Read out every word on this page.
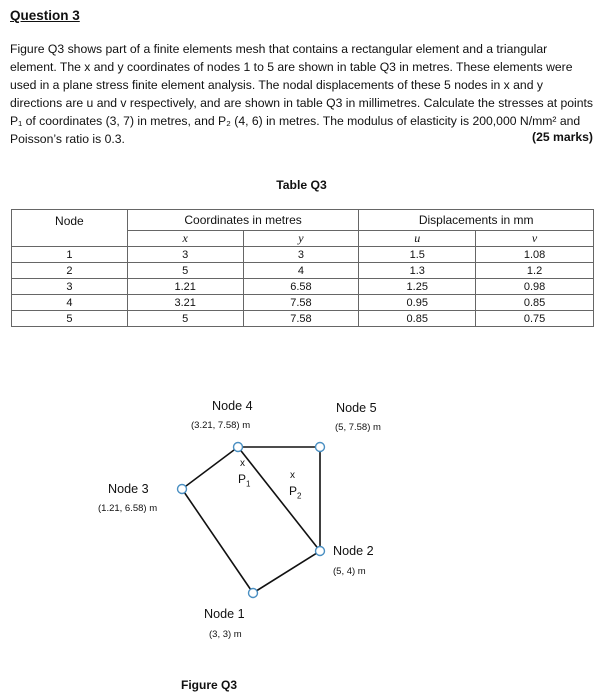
Question 3
Figure Q3 shows part of a finite elements mesh that contains a rectangular element and a triangular element. The x and y coordinates of nodes 1 to 5 are shown in table Q3 in metres. These elements were used in a plane stress finite element analysis. The nodal displacements of these 5 nodes in x and y directions are u and v respectively, and are shown in table Q3 in millimetres. Calculate the stresses at points P₁ of coordinates (3, 7) in metres, and P₂ (4, 6) in metres. The modulus of elasticity is 200,000 N/mm² and Poisson’s ratio is 0.3.	(25 marks)
Table Q3
Node	Coordinates in metres		Displacements in mm	
	x	y	u	v
1	3	3	1.5	1.08
2	5	4	1.3	1.2
3	1.21	6.58	1.25	0.98
4	3.21	7.58	0.95	0.85
5	5	7.58	0.85	0.75
Node 4
(3.21, 7.58) m
Node 5
(5, 7.58) m
Node 3
(1.21, 6.58) m
Node 2
(5, 4) m
Node 1
(3, 3) m
x
$P_1$
x
$P_2$
Figure Q3
